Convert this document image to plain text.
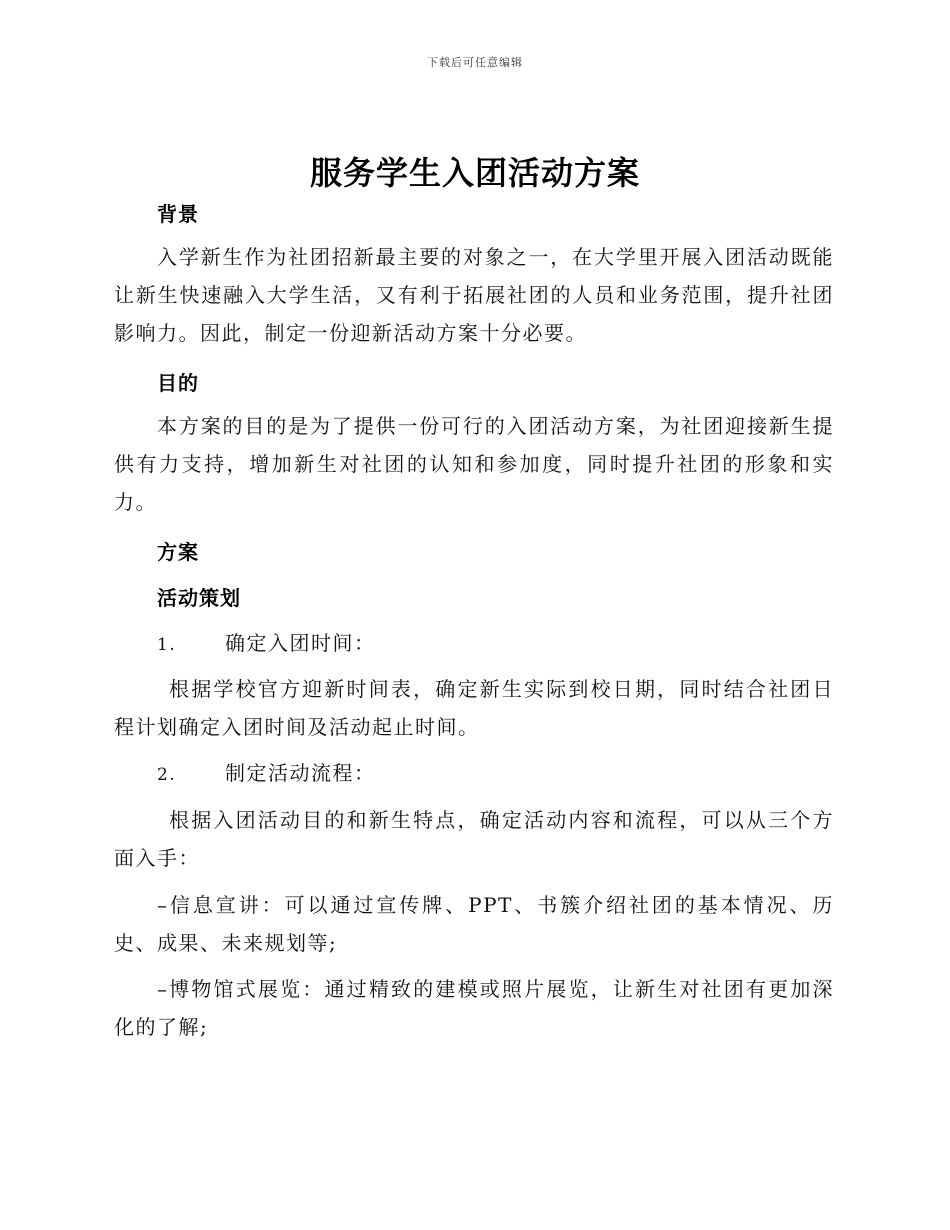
下载后可任意编辑
服务学生入团活动方案
背景
入学新生作为社团招新最主要的对象之一，在大学里开展入团活动既能让新生快速融入大学生活，又有利于拓展社团的人员和业务范围，提升社团影响力。因此，制定一份迎新活动方案十分必要。
目的
本方案的目的是为了提供一份可行的入团活动方案，为社团迎接新生提供有力支持，增加新生对社团的认知和参加度，同时提升社团的形象和实力。
方案
活动策划
1. 确定入团时间：
根据学校官方迎新时间表，确定新生实际到校日期，同时结合社团日程计划确定入团时间及活动起止时间。
2. 制定活动流程：
根据入团活动目的和新生特点，确定活动内容和流程，可以从三个方面入手：
–信息宣讲：可以通过宣传牌、PPT、书簇介绍社团的基本情况、历史、成果、未来规划等;
–博物馆式展览：通过精致的建模或照片展览，让新生对社团有更加深化的了解;
